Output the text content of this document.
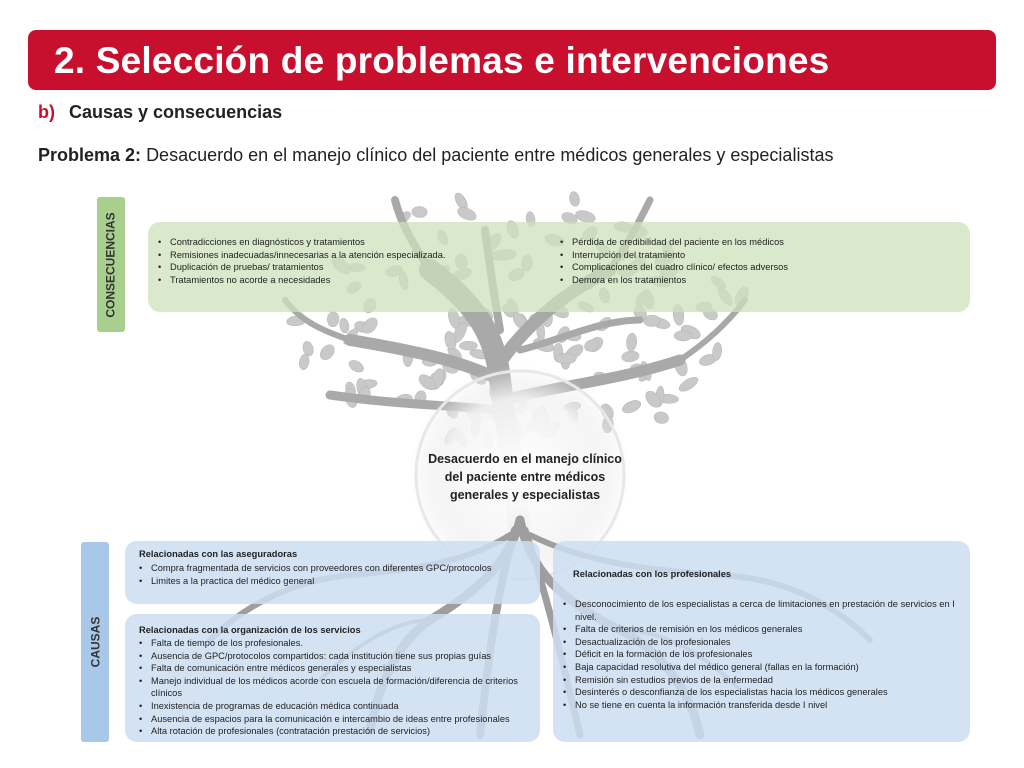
2. Selección de problemas e intervenciones
b) Causas y consecuencias
Problema 2: Desacuerdo en el manejo clínico del paciente entre médicos generales y especialistas
CONSECUENCIAS
•	Contradicciones en diagnósticos y tratamientos
• Remisiones inadecuadas/innecesarias a la atención especializada.
• Duplicación de pruebas/ tratamientos
• Tratamientos no acorde a necesidades
• Pérdida de credibilidad del paciente en los médicos
• Interrupción del tratamiento
• Complicaciones del cuadro clínico/ efectos adversos
• Demora en los tratamientos
Desacuerdo en el manejo clínico
del paciente entre médicos
generales y especialistas
CAUSAS
Relacionadas con las aseguradoras
• Compra fragmentada de servicios con proveedores con diferentes GPC/protocolos
• Limites a la practica del médico general
Relacionadas con la organización de los servicios
• Falta de tiempo de los profesionales.
• Ausencia de GPC/protocolos compartidos: cada institución tiene sus propias guías
• Falta de comunicación entre médicos generales y especialistas
• Manejo individual de los médicos acorde con escuela de formación/diferencia de criterios clínicos
• Inexistencia de programas de educación médica continuada
• Ausencia de espacios para la comunicación e intercambio de ideas entre profesionales
• Alta rotación de profesionales (contratación prestación de servicios)
Relacionadas con los profesionales
• Desconocimiento de los especialistas a cerca de limitaciones en prestación de servicios en I nivel.
• Falta de criterios de remisión en los médicos generales
• Desactualización de los profesionales
• Déficit en la formación de los profesionales
• Baja capacidad resolutiva del médico general (fallas en la formación)
• Remisión sin estudios previos de la enfermedad
• Desinterés o desconfianza de los especialistas hacia los médicos generales
• No se tiene en cuenta la información transferida desde I nivel
